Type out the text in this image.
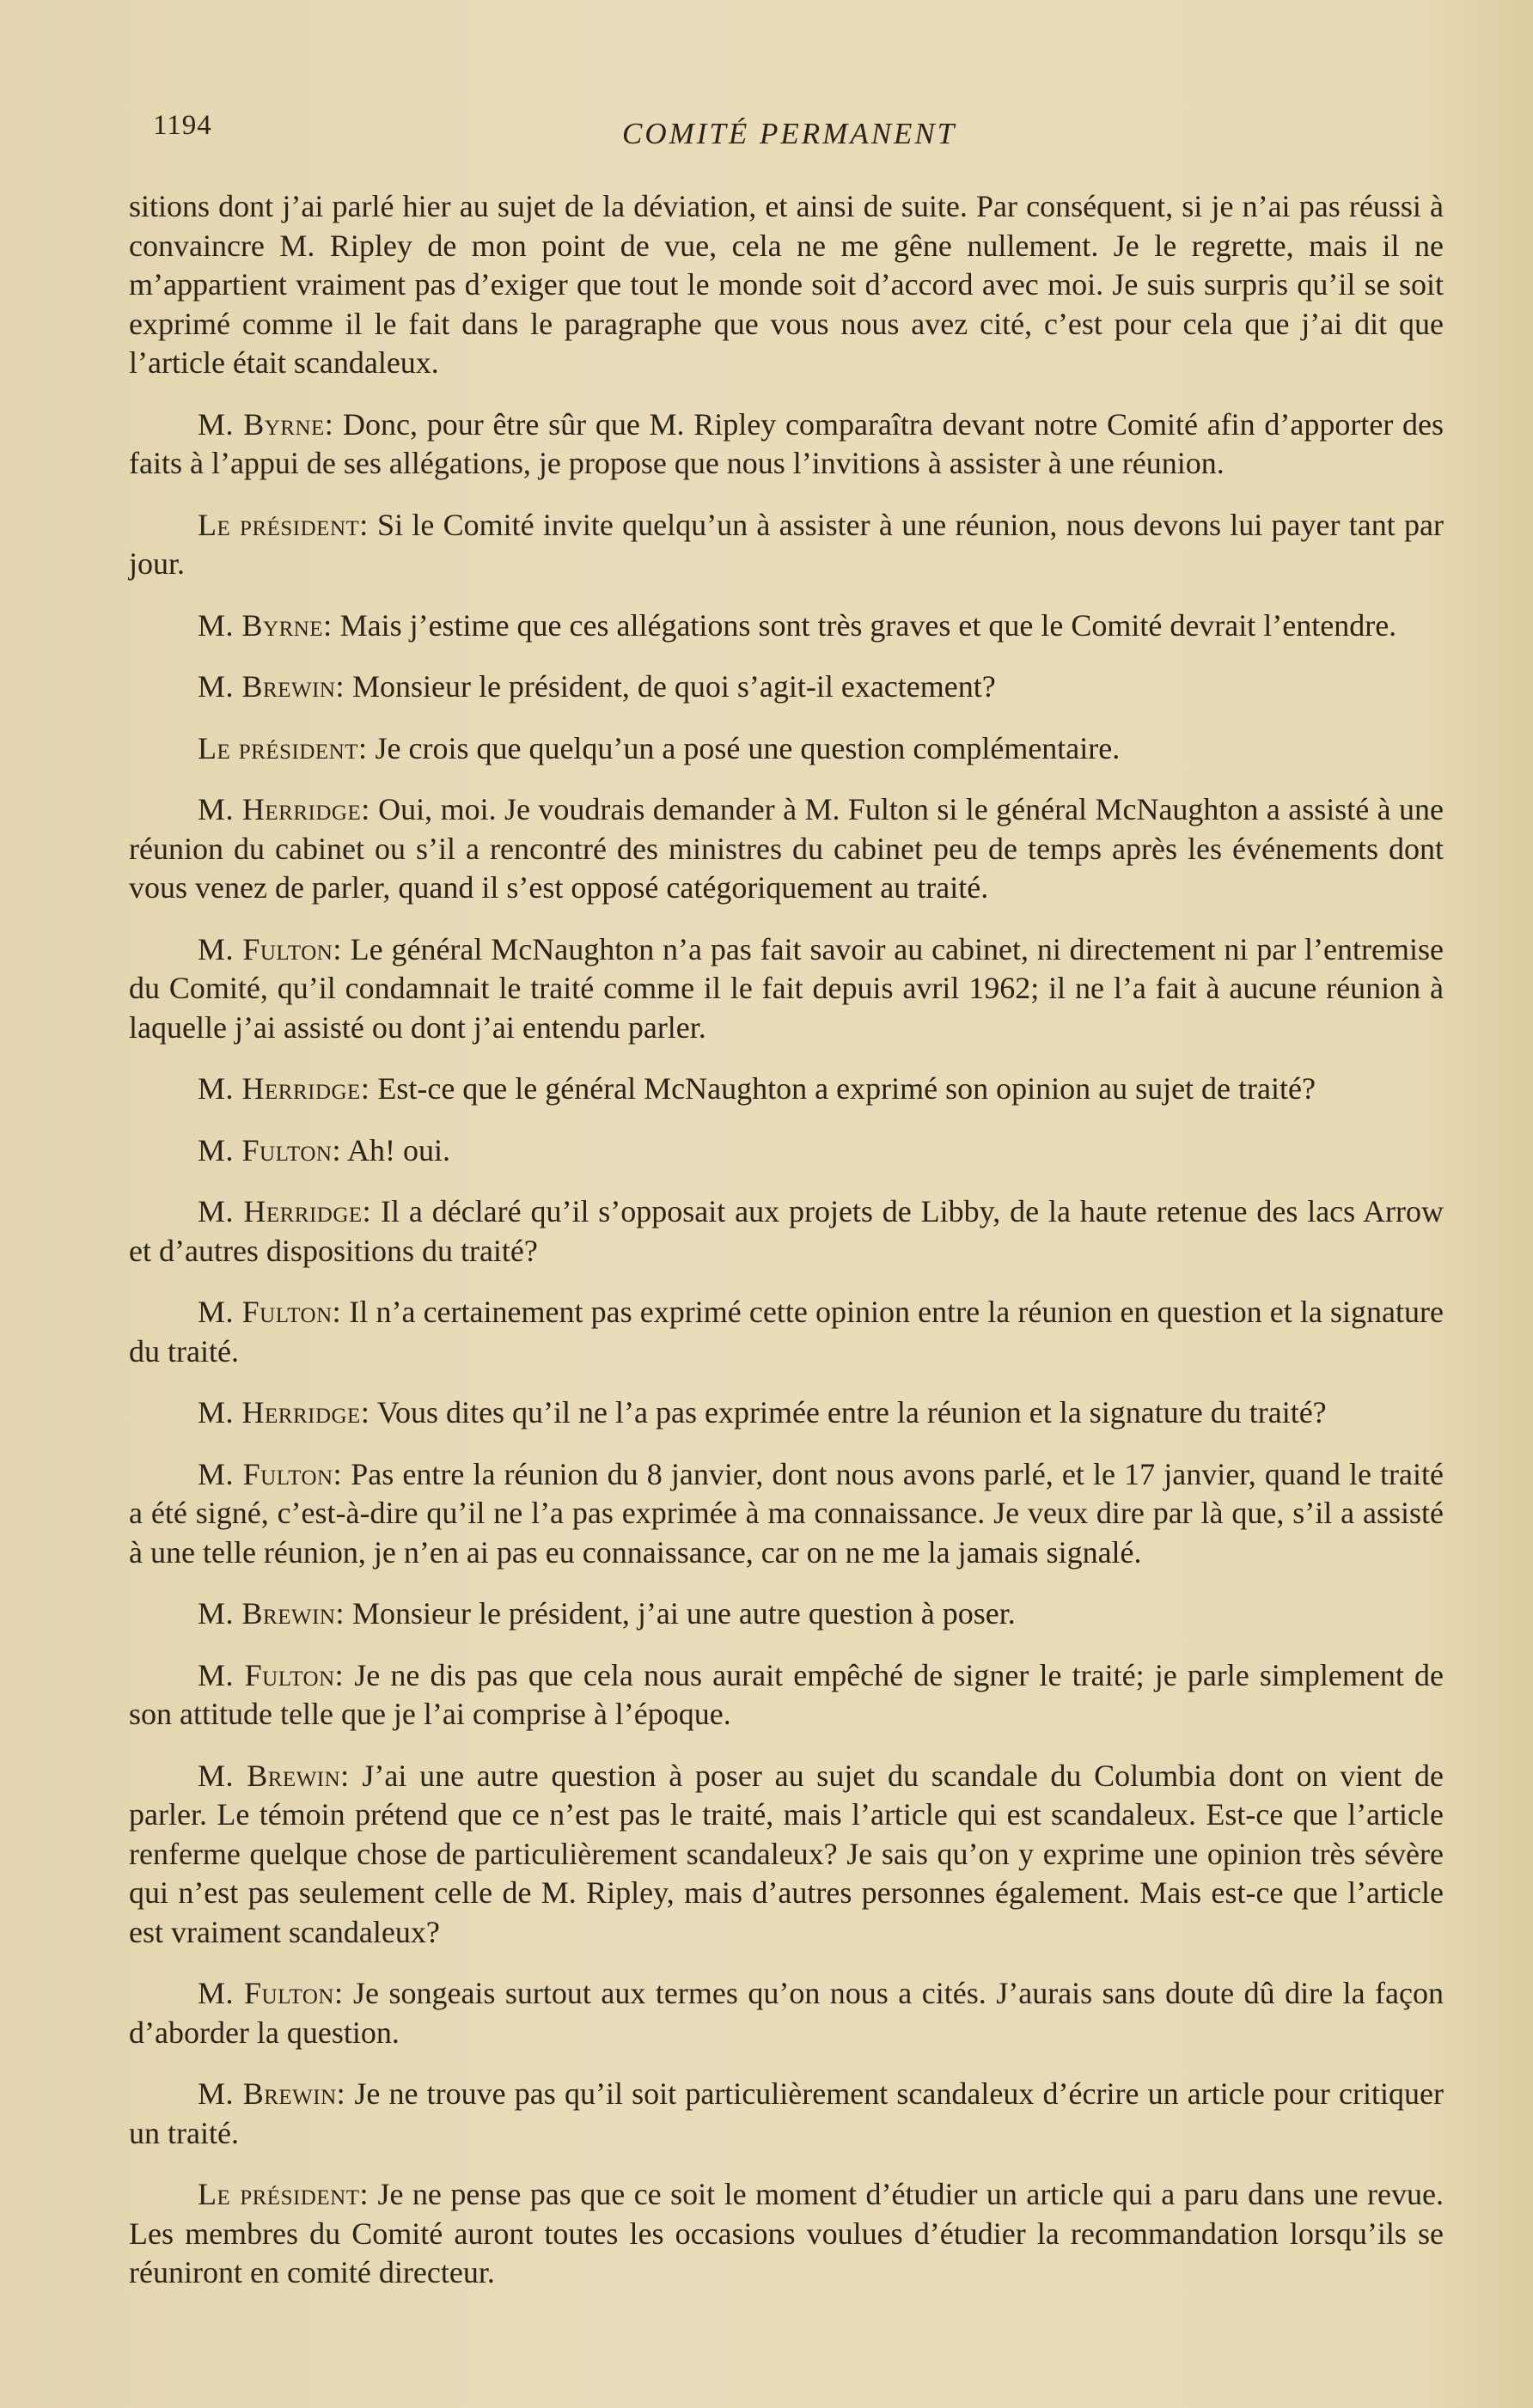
1194	COMITÉ PERMANENT

sitions dont j’ai parlé hier au sujet de la déviation, et ainsi de suite. Par conséquent, si je n’ai pas réussi à convaincre M. Ripley de mon point de vue, cela ne me gêne nullement. Je le regrette, mais il ne m’appartient vraiment pas d’exiger que tout le monde soit d’accord avec moi. Je suis surpris qu’il se soit exprimé comme il le fait dans le paragraphe que vous nous avez cité, c’est pour cela que j’ai dit que l’article était scandaleux.

M. Byrne: Donc, pour être sûr que M. Ripley comparaîtra devant notre Comité afin d’apporter des faits à l’appui de ses allégations, je propose que nous l’invitions à assister à une réunion.

Le président: Si le Comité invite quelqu’un à assister à une réunion, nous devons lui payer tant par jour.

M. Byrne: Mais j’estime que ces allégations sont très graves et que le Comité devrait l’entendre.

M. Brewin: Monsieur le président, de quoi s’agit-il exactement?

Le président: Je crois que quelqu’un a posé une question complémentaire.

M. Herridge: Oui, moi. Je voudrais demander à M. Fulton si le général McNaughton a assisté à une réunion du cabinet ou s’il a rencontré des ministres du cabinet peu de temps après les événements dont vous venez de parler, quand il s’est opposé catégoriquement au traité.

M. Fulton: Le général McNaughton n’a pas fait savoir au cabinet, ni directement ni par l’entremise du Comité, qu’il condamnait le traité comme il le fait depuis avril 1962; il ne l’a fait à aucune réunion à laquelle j’ai assisté ou dont j’ai entendu parler.

M. Herridge: Est-ce que le général McNaughton a exprimé son opinion au sujet de traité?

M. Fulton: Ah! oui.

M. Herridge: Il a déclaré qu’il s’opposait aux projets de Libby, de la haute retenue des lacs Arrow et d’autres dispositions du traité?

M. Fulton: Il n’a certainement pas exprimé cette opinion entre la réunion en question et la signature du traité.

M. Herridge: Vous dites qu’il ne l’a pas exprimée entre la réunion et la signature du traité?

M. Fulton: Pas entre la réunion du 8 janvier, dont nous avons parlé, et le 17 janvier, quand le traité a été signé, c’est-à-dire qu’il ne l’a pas exprimée à ma connaissance. Je veux dire par là que, s’il a assisté à une telle réunion, je n’en ai pas eu connaissance, car on ne me la jamais signalé.

M. Brewin: Monsieur le président, j’ai une autre question à poser.

M. Fulton: Je ne dis pas que cela nous aurait empêché de signer le traité; je parle simplement de son attitude telle que je l’ai comprise à l’époque.

M. Brewin: J’ai une autre question à poser au sujet du scandale du Columbia dont on vient de parler. Le témoin prétend que ce n’est pas le traité, mais l’article qui est scandaleux. Est-ce que l’article renferme quelque chose de particulièrement scandaleux? Je sais qu’on y exprime une opinion très sévère qui n’est pas seulement celle de M. Ripley, mais d’autres personnes également. Mais est-ce que l’article est vraiment scandaleux?

M. Fulton: Je songeais surtout aux termes qu’on nous a cités. J’aurais sans doute dû dire la façon d’aborder la question.

M. Brewin: Je ne trouve pas qu’il soit particulièrement scandaleux d’écrire un article pour critiquer un traité.

Le président: Je ne pense pas que ce soit le moment d’étudier un article qui a paru dans une revue. Les membres du Comité auront toutes les occasions voulues d’étudier la recommandation lorsqu’ils se réuniront en comité directeur.
